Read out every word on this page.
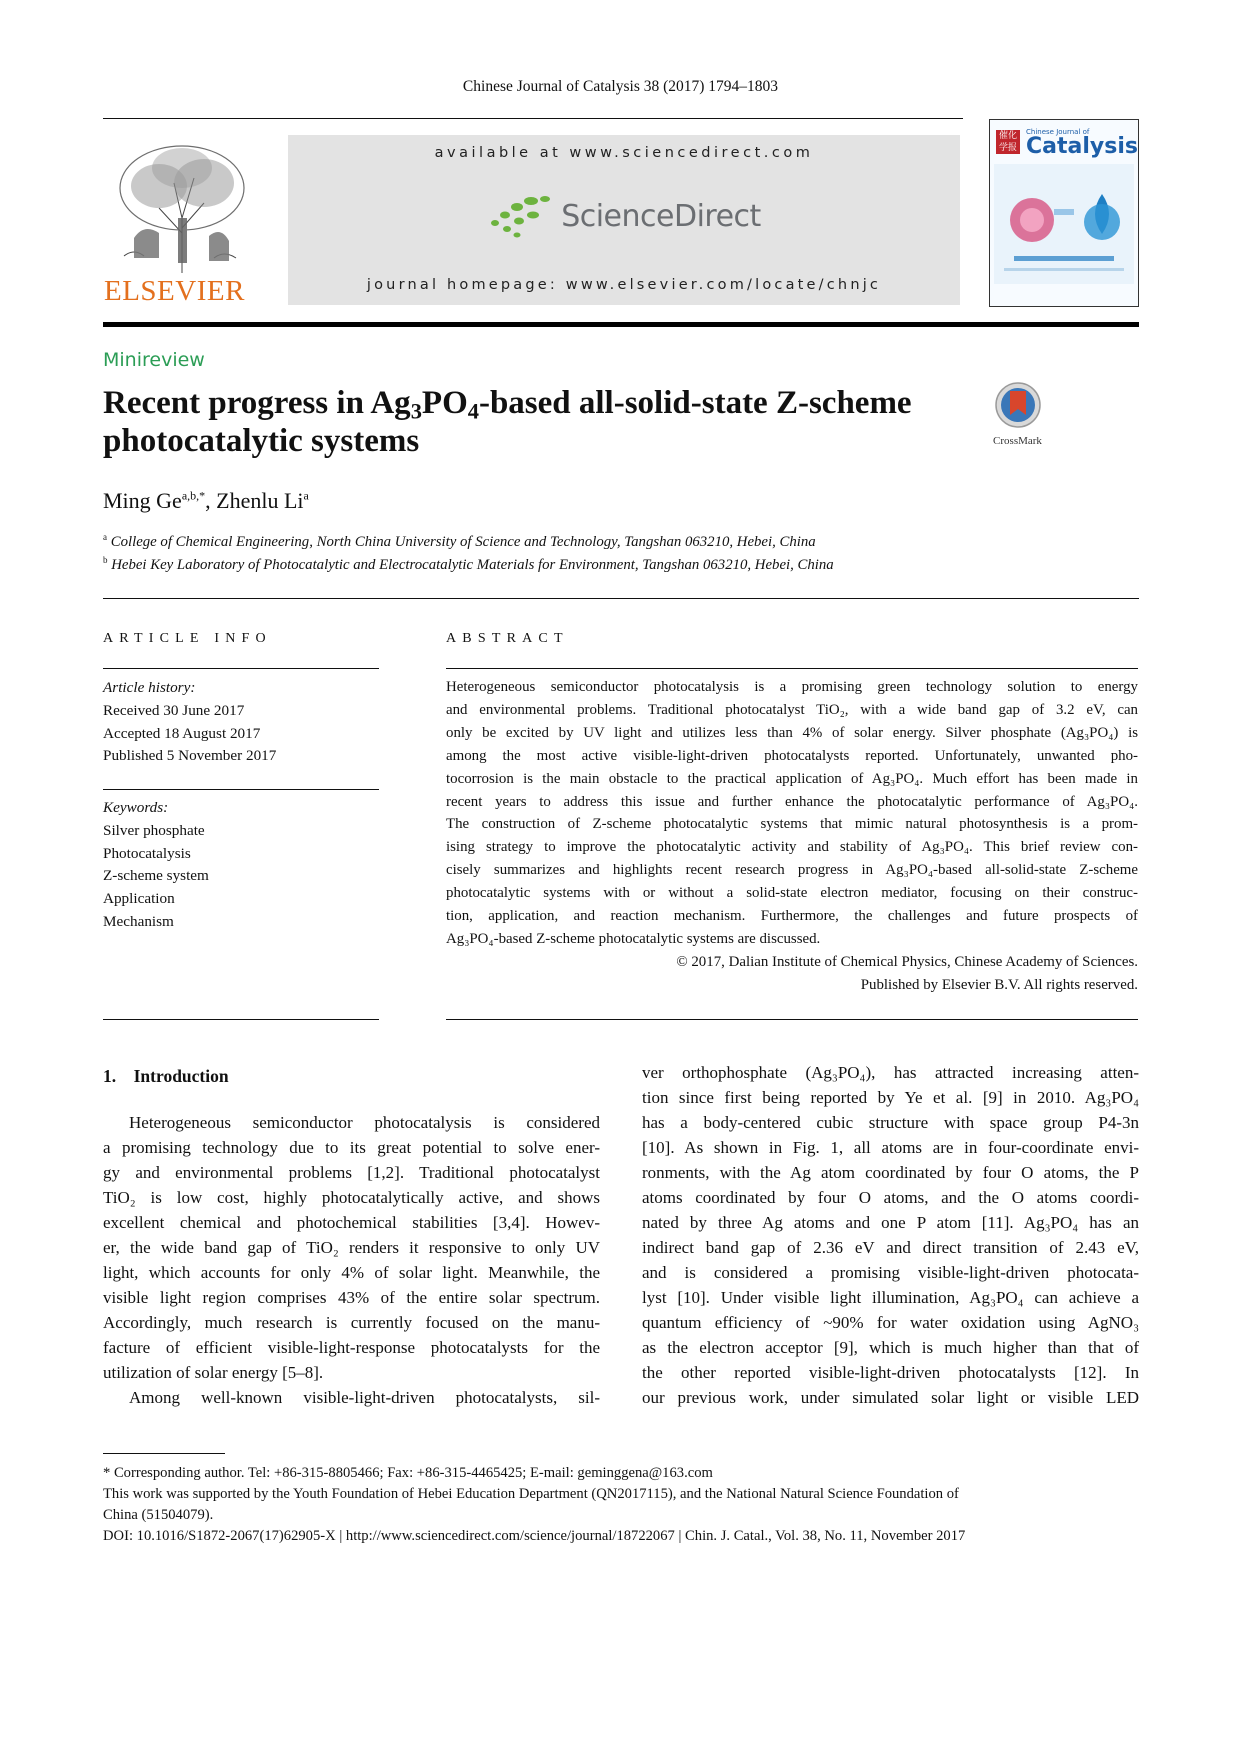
Chinese Journal of Catalysis 38 (2017) 1794–1803
ELSEVIER
available at www.sciencedirect.com
ScienceDirect
journal homepage: www.elsevier.com/locate/chnjc
催化学报
Chinese Journal of
Catalysis
Minireview
Recent progress in $Ag_3PO_4$-based all-solid-state Z-scheme
photocatalytic systems	CrossMark
Ming $Ge^{a,b,*}$, Zhenlu Li$^a$
$^a$ College of Chemical Engineering, North China University of Science and Technology, Tangshan 063210, Hebei, China
$^b$ Hebei Key Laboratory of Photocatalytic and Electrocatalytic Materials for Environment, Tangshan 063210, Hebei, China
ARTICLE INFO
Article history:
Received 30 June 2017
Accepted 18 August 2017
Published 5 November 2017
Keywords:
Silver phosphate
Photocatalysis
Z-scheme system
Application
Mechanism
ABSTRACT
Heterogeneous semiconductor photocatalysis is a promising green technology solution to energy
and environmental problems. Traditional photocatalyst TiO₂, with a wide band gap of 3.2 eV, can
only be excited by UV light and utilizes less than 4% of solar energy. Silver phosphate (Ag₃PO₄) is
among the most active visible-light-driven photocatalysts reported. Unfortunately, unwanted pho-
tocorrosion is the main obstacle to the practical application of Ag₃PO₄. Much effort has been made in
recent years to address this issue and further enhance the photocatalytic performance of Ag₃PO₄.
The construction of Z-scheme photocatalytic systems that mimic natural photosynthesis is a prom-
ising strategy to improve the photocatalytic activity and stability of Ag₃PO₄. This brief review con-
cisely summarizes and highlights recent research progress in Ag₃PO₄-based all-solid-state Z-scheme
photocatalytic systems with or without a solid-state electron mediator, focusing on their construc-
tion, application, and reaction mechanism. Furthermore, the challenges and future prospects of
Ag₃PO₄-based Z-scheme photocatalytic systems are discussed.
© 2017, Dalian Institute of Chemical Physics, Chinese Academy of Sciences.
Published by Elsevier B.V. All rights reserved.
1.    Introduction

Heterogeneous semiconductor photocatalysis is considered

a promising technology due to its great potential to solve ener-

gy and environmental problems [1,2]. Traditional photocatalyst

TiO₂ is low cost, highly photocatalytically active, and shows

excellent chemical and photochemical stabilities [3,4]. Howev-

er, the wide band gap of TiO₂ renders it responsive to only UV

light, which accounts for only 4% of solar light. Meanwhile, the

visible light region comprises 43% of the entire solar spectrum.

Accordingly, much research is currently focused on the manu-

facture of efficient visible-light-response photocatalysts for the

utilization of solar energy [5–8].

Among well-known visible-light-driven photocatalysts, sil-

ver orthophosphate (Ag₃PO₄), has attracted increasing atten-

tion since first being reported by Ye et al. [9] in 2010. Ag₃PO₄

has a body-centered cubic structure with space group P4-3n

[10]. As shown in Fig. 1, all atoms are in four-coordinate envi-

ronments, with the Ag atom coordinated by four O atoms, the P

atoms coordinated by four O atoms, and the O atoms coordi-

nated by three Ag atoms and one P atom [11]. Ag₃PO₄ has an

indirect band gap of 2.36 eV and direct transition of 2.43 eV,

and is considered a promising visible-light-driven photocata-

lyst [10]. Under visible light illumination, Ag₃PO₄ can achieve a

quantum efficiency of ~90% for water oxidation using AgNO₃

as the electron acceptor [9], which is much higher than that of

the other reported visible-light-driven photocatalysts [12]. In

our previous work, under simulated solar light or visible LED

* Corresponding author. Tel: +86-315-8805466; Fax: +86-315-4465425; E-mail: geminggena@163.com
This work was supported by the Youth Foundation of Hebei Education Department (QN2017115), and the National Natural Science Foundation of
China (51504079).
DOI: 10.1016/S1872-2067(17)62905-X | http://www.sciencedirect.com/science/journal/18722067 | Chin. J. Catal., Vol. 38, No. 11, November 2017
